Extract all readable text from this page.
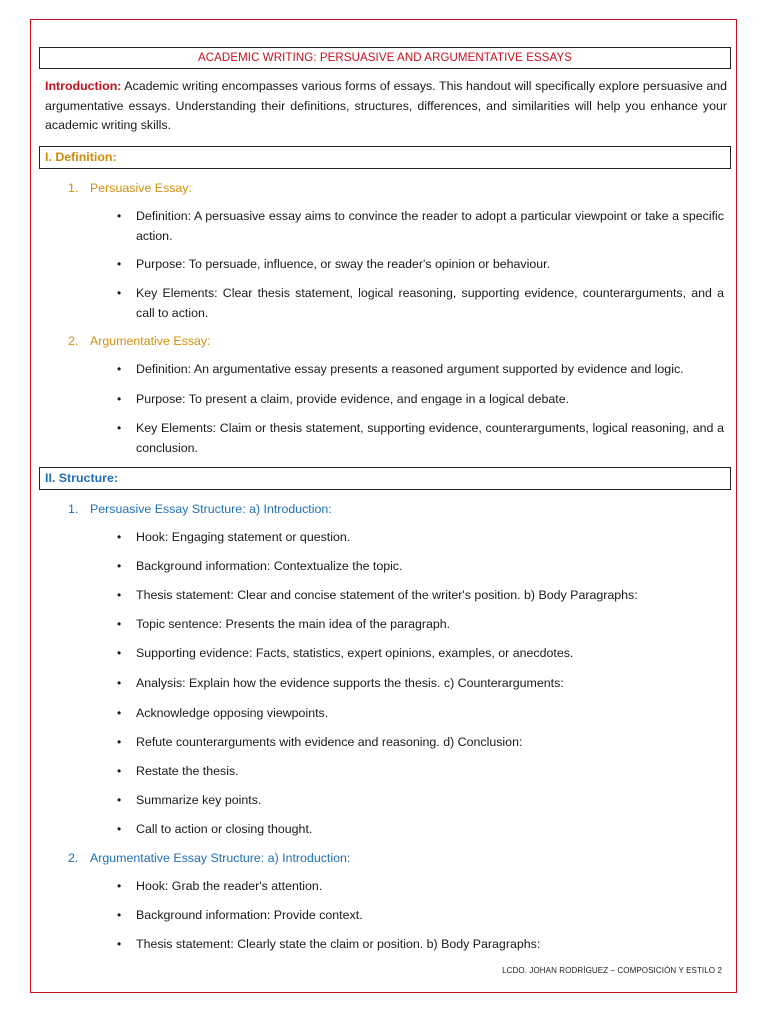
ACADEMIC WRITING: PERSUASIVE AND ARGUMENTATIVE ESSAYS
Introduction: Academic writing encompasses various forms of essays. This handout will specifically explore persuasive and argumentative essays. Understanding their definitions, structures, differences, and similarities will help you enhance your academic writing skills.
I. Definition:
1. Persuasive Essay:
•	Definition: A persuasive essay aims to convince the reader to adopt a particular viewpoint or take a specific action.
•	Purpose: To persuade, influence, or sway the reader's opinion or behaviour.
•	Key Elements: Clear thesis statement, logical reasoning, supporting evidence, counterarguments, and a call to action.
2. Argumentative Essay:
•	Definition: An argumentative essay presents a reasoned argument supported by evidence and logic.
•	Purpose: To present a claim, provide evidence, and engage in a logical debate.
•	Key Elements: Claim or thesis statement, supporting evidence, counterarguments, logical reasoning, and a conclusion.
II. Structure:
1. Persuasive Essay Structure: a) Introduction:
•	Hook: Engaging statement or question.
•	Background information: Contextualize the topic.
•	Thesis statement: Clear and concise statement of the writer's position. b) Body Paragraphs:
•	Topic sentence: Presents the main idea of the paragraph.
•	Supporting evidence: Facts, statistics, expert opinions, examples, or anecdotes.
•	Analysis: Explain how the evidence supports the thesis. c) Counterarguments:
•	Acknowledge opposing viewpoints.
•	Refute counterarguments with evidence and reasoning. d) Conclusion:
•	Restate the thesis.
•	Summarize key points.
•	Call to action or closing thought.
2. Argumentative Essay Structure: a) Introduction:
•	Hook: Grab the reader's attention.
•	Background information: Provide context.
•	Thesis statement: Clearly state the claim or position. b) Body Paragraphs:
LCDO. JOHAN RODRÍGUEZ – COMPOSICIÓN Y ESTILO 2
